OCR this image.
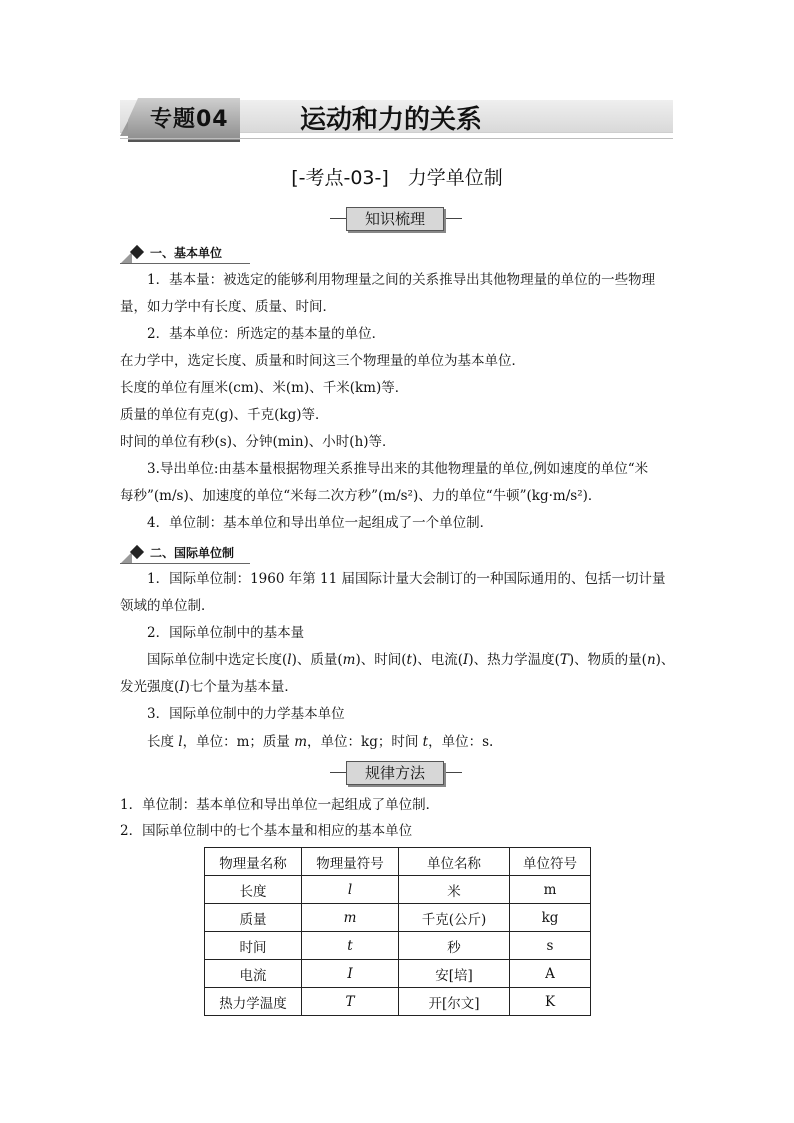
专题04	运动和力的关系
[-考点-03-]　力学单位制
知识梳理
一、基本单位
1．基本量：被选定的能够利用物理量之间的关系推导出其他物理量的单位的一些物理
量，如力学中有长度、质量、时间．
2．基本单位：所选定的基本量的单位．
在力学中，选定长度、质量和时间这三个物理量的单位为基本单位．
长度的单位有厘米(cm)、米(m)、千米(km)等．
质量的单位有克(g)、千克(kg)等．
时间的单位有秒(s)、分钟(min)、小时(h)等．
3.导出单位:由基本量根据物理关系推导出来的其他物理量的单位,例如速度的单位“米
每秒”(m/s)、加速度的单位“米每二次方秒”(m/s²)、力的单位“牛顿”(kg·m/s²)．
4．单位制：基本单位和导出单位一起组成了一个单位制．
二、国际单位制
1．国际单位制：1960 年第 11 届国际计量大会制订的一种国际通用的、包括一切计量
领域的单位制．
2．国际单位制中的基本量
国际单位制中选定长度(l)、质量(m)、时间(t)、电流(I)、热力学温度(T)、物质的量(n)、
发光强度(I)七个量为基本量．
3．国际单位制中的力学基本单位
长度 l，单位：m；质量 m，单位：kg；时间 t，单位：s.
规律方法
1．单位制：基本单位和导出单位一起组成了单位制．
2．国际单位制中的七个基本量和相应的基本单位
物理量名称	物理量符号	单位名称	单位符号
长度	l	米	m
质量	m	千克(公斤)	kg
时间	t	秒	s
电流	I	安[培]	A
热力学温度	T	开[尔文]	K
